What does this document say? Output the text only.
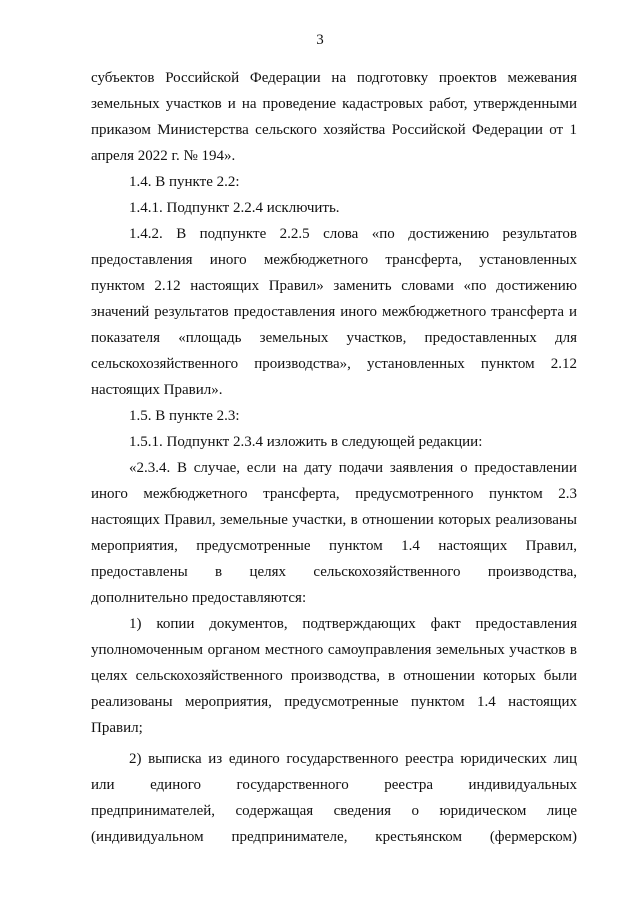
3

субъектов Российской Федерации на подготовку проектов межевания земельных участков и на проведение кадастровых работ, утвержденными приказом Министерства сельского хозяйства Российской Федерации от 1 апреля 2022 г. № 194».

1.4. В пункте 2.2:

1.4.1. Подпункт 2.2.4 исключить.

1.4.2. В подпункте 2.2.5 слова «по достижению результатов предоставления иного межбюджетного трансферта, установленных пунктом 2.12 настоящих Правил» заменить словами «по достижению значений результатов предоставления иного межбюджетного трансферта и показателя «площадь земельных участков, предоставленных для сельскохозяйственного производства», установленных пунктом 2.12 настоящих Правил».

1.5. В пункте 2.3:

1.5.1. Подпункт 2.3.4 изложить в следующей редакции:

«2.3.4. В случае, если на дату подачи заявления о предоставлении иного межбюджетного трансферта, предусмотренного пунктом 2.3 настоящих Правил, земельные участки, в отношении которых реализованы мероприятия, предусмотренные пунктом 1.4 настоящих Правил, предоставлены в целях сельскохозяйственного производства, дополнительно предоставляются:

1) копии документов, подтверждающих факт предоставления уполномоченным органом местного самоуправления земельных участков в целях сельскохозяйственного производства, в отношении которых были реализованы мероприятия, предусмотренные пунктом 1.4 настоящих Правил;

2) выписка из единого государственного реестра юридических лиц или единого государственного реестра индивидуальных предпринимателей, содержащая сведения о юридическом лице (индивидуальном предпринимателе, крестьянском (фермерском)
